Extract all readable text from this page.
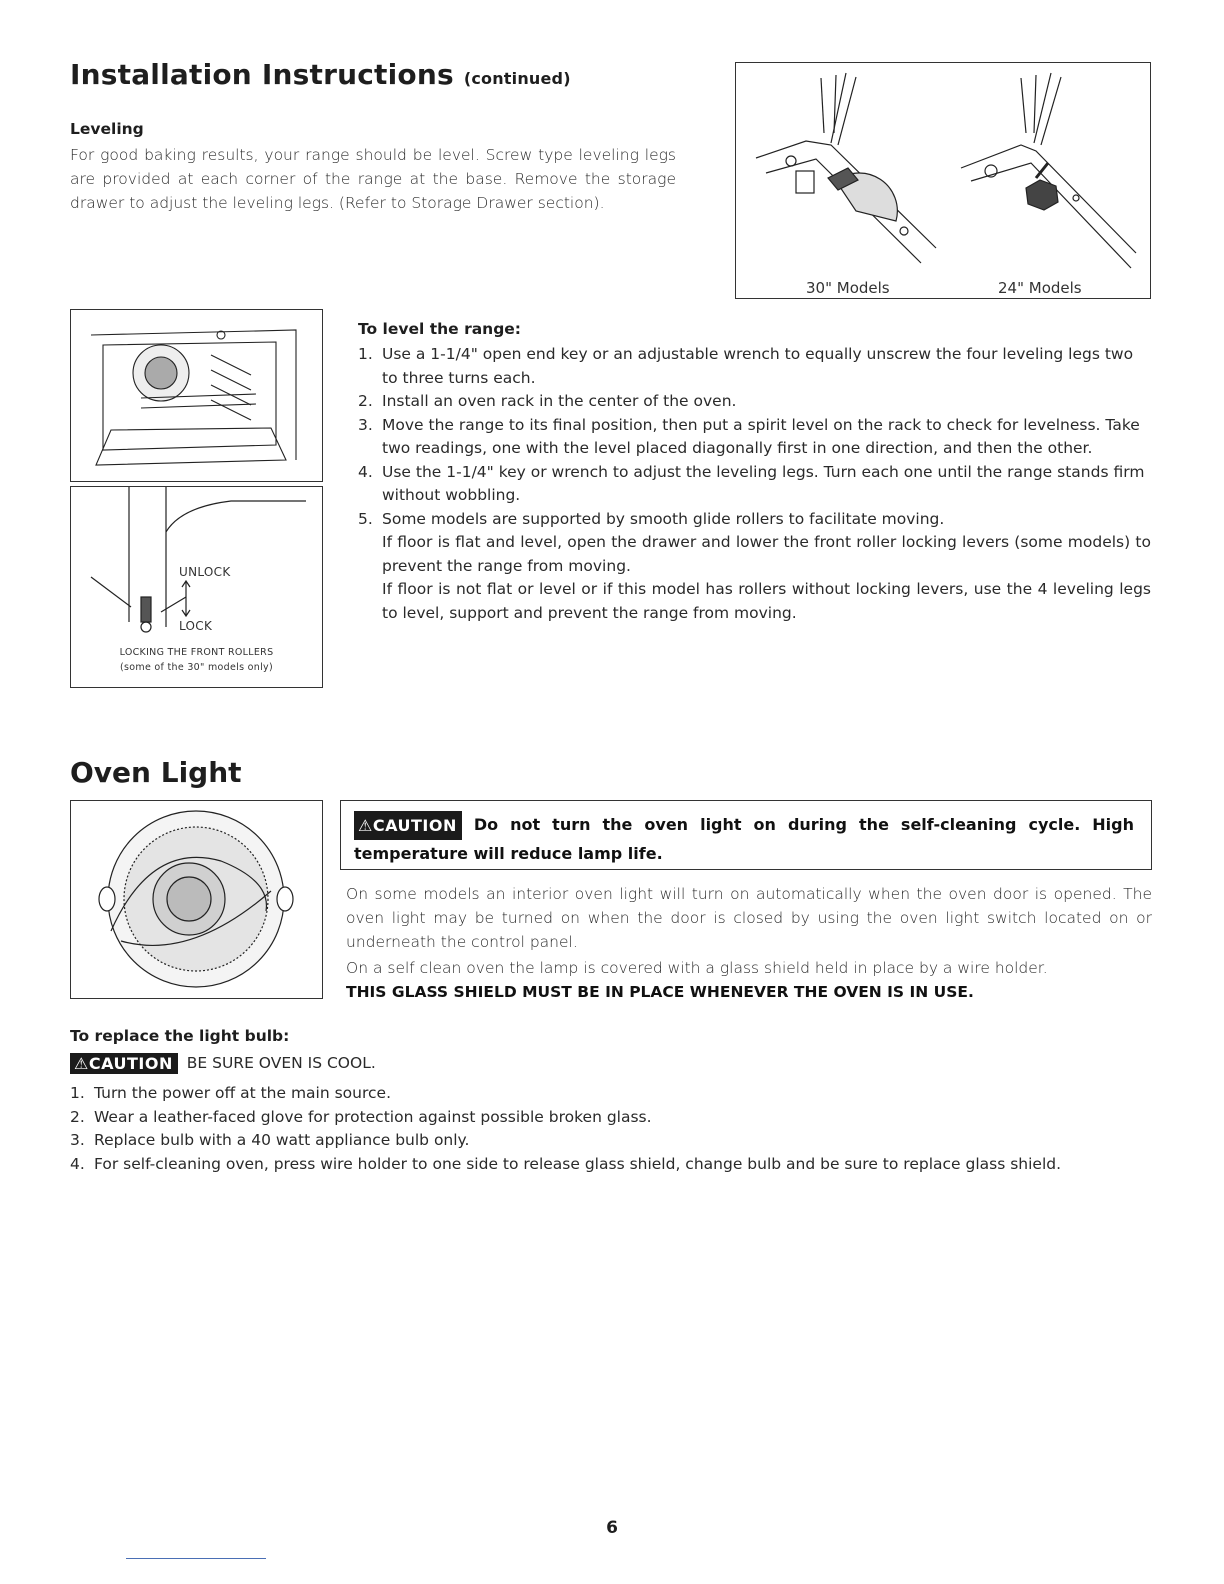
Installation Instructions (continued)
Leveling
For good baking results, your range should be level. Screw type leveling legs are provided at each corner of the range at the base. Remove the storage drawer to adjust the leveling legs. (Refer to Storage Drawer section).
30" Models	24" Models
UNLOCK
LOCK
LOCKING THE FRONT ROLLERS
(some of the 30" models only)
To level the range:
1. Use a 1-1/4" open end key or an adjustable wrench to equally unscrew the four leveling legs two to three turns each.
2. Install an oven rack in the center of the oven.
3. Move the range to its final position, then put a spirit level on the rack to check for levelness. Take two readings, one with the level placed diagonally first in one direction, and then the other.
4. Use the 1-1/4" key or wrench to adjust the leveling legs. Turn each one until the range stands firm without wobbling.
5. Some models are supported by smooth glide rollers to facilitate moving.
If floor is flat and level, open the drawer and lower the front roller locking levers (some models) to prevent the range from moving.
If floor is not flat or level or if this model has rollers without locking levers, use the 4 leveling legs to level, support and prevent the range from moving.
Oven Light
⚠CAUTION Do not turn the oven light on during the self-cleaning cycle. High temperature will reduce lamp life.
On some models an interior oven light will turn on automatically when the oven door is opened. The oven light may be turned on when the door is closed by using the oven light switch located on or underneath the control panel.
On a self clean oven the lamp is covered with a glass shield held in place by a wire holder.
THIS GLASS SHIELD MUST BE IN PLACE WHENEVER THE OVEN IS IN USE.
To replace the light bulb:
⚠CAUTION BE SURE OVEN IS COOL.
1. Turn the power off at the main source.
2. Wear a leather-faced glove for protection against possible broken glass.
3. Replace bulb with a 40 watt appliance bulb only.
4. For self-cleaning oven, press wire holder to one side to release glass shield, change bulb and be sure to replace glass shield.
6
